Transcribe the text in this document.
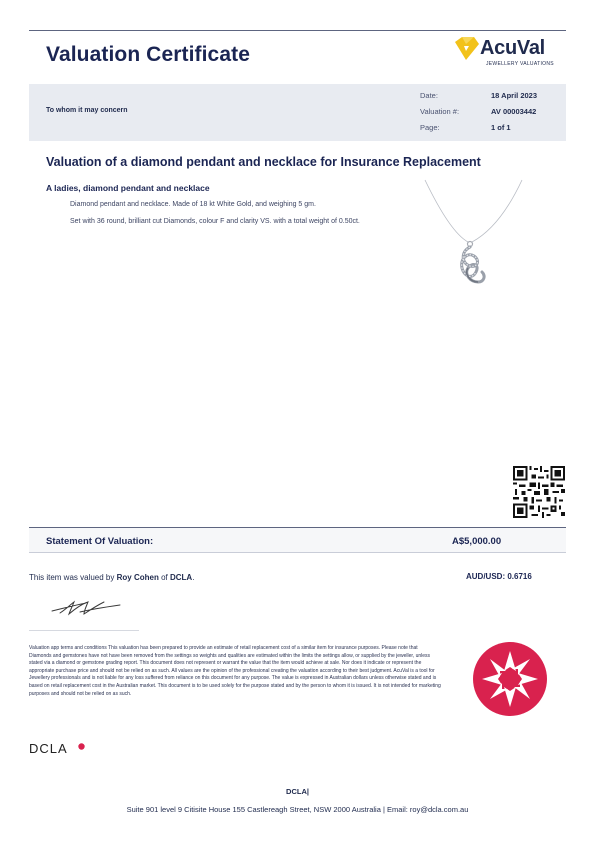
Valuation Certificate	AcuVal
JEWELLERY VALUATIONS
To whom it may concern
Date:	18 April 2023
Valuation #:	AV 00003442
Page:	1 of 1
Valuation of a diamond pendant and necklace for Insurance Replacement
A ladies, diamond pendant and necklace

Diamond pendant and necklace. Made of 18 kt White Gold, and weighing 5 gm.

Set with 36 round, brilliant cut Diamonds, colour F and clarity VS. with a total weight of 0.50ct.

Statement Of Valuation:	A$5,000.00
This item was valued by Roy Cohen of DCLA.	AUD/USD: 0.6716
Valuation app terms and conditions This valuation has been prepared to provide an estimate of retail replacement cost of a similar item for insurance purposes. Please note that Diamonds and gemstones have not have been removed from the settings so weights and qualities are estimated within the limits the settings allow, or supplied by the jeweller, unless stated via a diamond or gemstone grading report. This document does not represent or warrant the value that the item would achieve at sale. Nor does it indicate or represent the appropriate purchase price and should not be relied on as such. All values are the opinion of the professional creating the valuation according to their best judgment. AcuVal is a tool for Jewellery professionals and is not liable for any loss suffered from reliance on this document for any purpose. The value is expressed in Australian dollars unless otherwise stated and is based on retail replacement cost in the Australian market. This document is to be used solely for the purpose stated and by the person to whom it is issued. It is not intended for marketing purposes and should not be relied on as such.
DCLA
DCLA|
Suite 901 level 9 Citisite House 155 Castlereagh Street, NSW 2000 Australia | Email: roy@dcla.com.au
